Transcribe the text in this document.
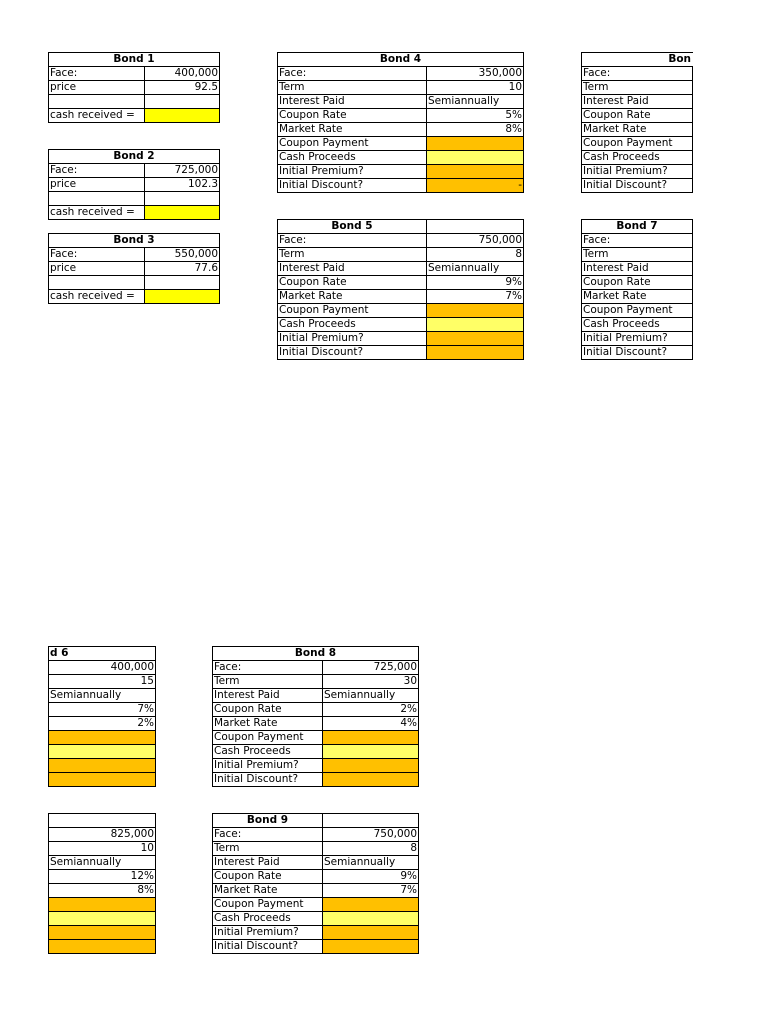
Bond 1	
Face:	400,000
price	92.5

cash received =	
Bond 2	
Face:	725,000
price	102.3

cash received =	
Bond 3	
Face:	550,000
price	77.6

cash received =	
Bond 4	
Face:	350,000
Term	10
Interest Paid	Semiannually
Coupon Rate	5%
Market Rate	8%
Coupon Payment	
Cash Proceeds	
Initial Premium?	
Initial Discount?	-
Bond 5	
Face:	750,000
Term	8
Interest Paid	Semiannually
Coupon Rate	9%
Market Rate	7%
Coupon Payment	
Cash Proceeds	
Initial Premium?	
Initial Discount?	
Bon	
Face:	
Term	
Interest Paid	
Coupon Rate	
Market Rate	
Coupon Payment	
Cash Proceeds	
Initial Premium?	
Initial Discount?	
Bond 7
Face:
Term
Interest Paid
Coupon Rate
Market Rate
Coupon Payment
Cash Proceeds
Initial Premium?
Initial Discount?
d 6
400,000
15
Semiannually
7%
2%

Bond 8	
Face:	725,000
Term	30
Interest Paid	Semiannually
Coupon Rate	2%
Market Rate	4%
Coupon Payment	
Cash Proceeds	
Initial Premium?	
Initial Discount?	

825,000
10
Semiannually
12%
8%

Bond 9	
Face:	750,000
Term	8
Interest Paid	Semiannually
Coupon Rate	9%
Market Rate	7%
Coupon Payment	
Cash Proceeds	
Initial Premium?	
Initial Discount?	
